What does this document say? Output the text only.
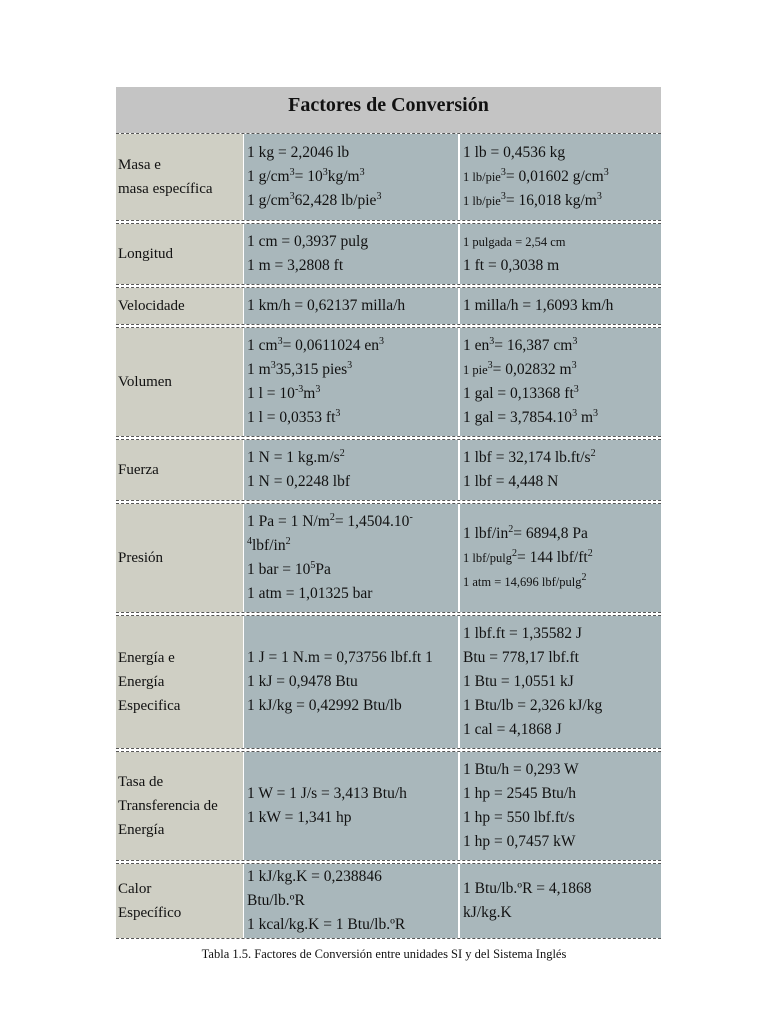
Factores de Conversión
Masa e
masa específica
1 kg = 2,2046 lb
1 $g/cm^3= 10^3kg/m^3$
1 $g/cm^362,428$ lb/pie$^3$
1 lb = 0,4536 kg
1 lb/pie$^3$= 0,01602 $g/cm^3$
1 lb/pie$^3$= 16,018 $kg/m^3$
Longitud
1 cm = 0,3937 pulg
1 m = 3,2808 ft
1 pulgada = 2,54 cm
1 ft = 0,3038 m
Velocidade	1 km/h = 0,62137 milla/h	1 milla/h = 1,6093 km/h
Volumen
1 $cm^3= 0,0611024$ $en^3$
1 $m^335,315$ pies$^3$
1 $l = 10^{-3}m^3$
1 l = 0,0353 $ft^3$
1 $en^3= 16,387$ $cm^3$
1 pie$^3$= 0,02832 $m^3$
1 gal = 0,13368 $ft^3$
1 gal = $3,7854.10^3$ $m^3$
Fuerza
1 N = 1 $kg.m/s^2$
1 N = 0,2248 lbf
1 lbf = 32,174 $lb.ft/s^2$
1 lbf = 4,448 N
Presión
1 Pa = 1 $N/m^2= 1,4504.10^-$
$^4lbf/in^2$
1 bar = $10^5Pa$
1 atm = 1,01325 bar
1 lbf/$in^2= 6894,8$ Pa
1 lbf/pulg$^2$= 144 lbf/$ft^2$
1 atm = 14,696 lbf/pulg$^2$
Energía e
Energía
Especifica
1 J = 1 N.m = 0,73756 lbf.ft 1
1 kJ = 0,9478 Btu
1 kJ/kg = 0,42992 Btu/lb
1 lbf.ft = 1,35582 J
Btu = 778,17 lbf.ft
1 Btu = 1,0551 kJ
1 Btu/lb = 2,326 kJ/kg
1 cal = 4,1868 J
Tasa de
Transferencia de
Energía
1 W = 1 J/s = 3,413 Btu/h
1 kW = 1,341 hp
1 Btu/h = 0,293 W
1 hp = 2545 Btu/h
1 hp = 550 lbf.ft/s
1 hp = 0,7457 kW
Calor
Específico
1 kJ/kg.K = 0,238846
Btu/lb.ºR
1 kcal/kg.K = 1 Btu/lb.ºR
1 Btu/lb.ºR = 4,1868
kJ/kg.K
Tabla 1.5. Factores de Conversión entre unidades SI y del Sistema Inglés
